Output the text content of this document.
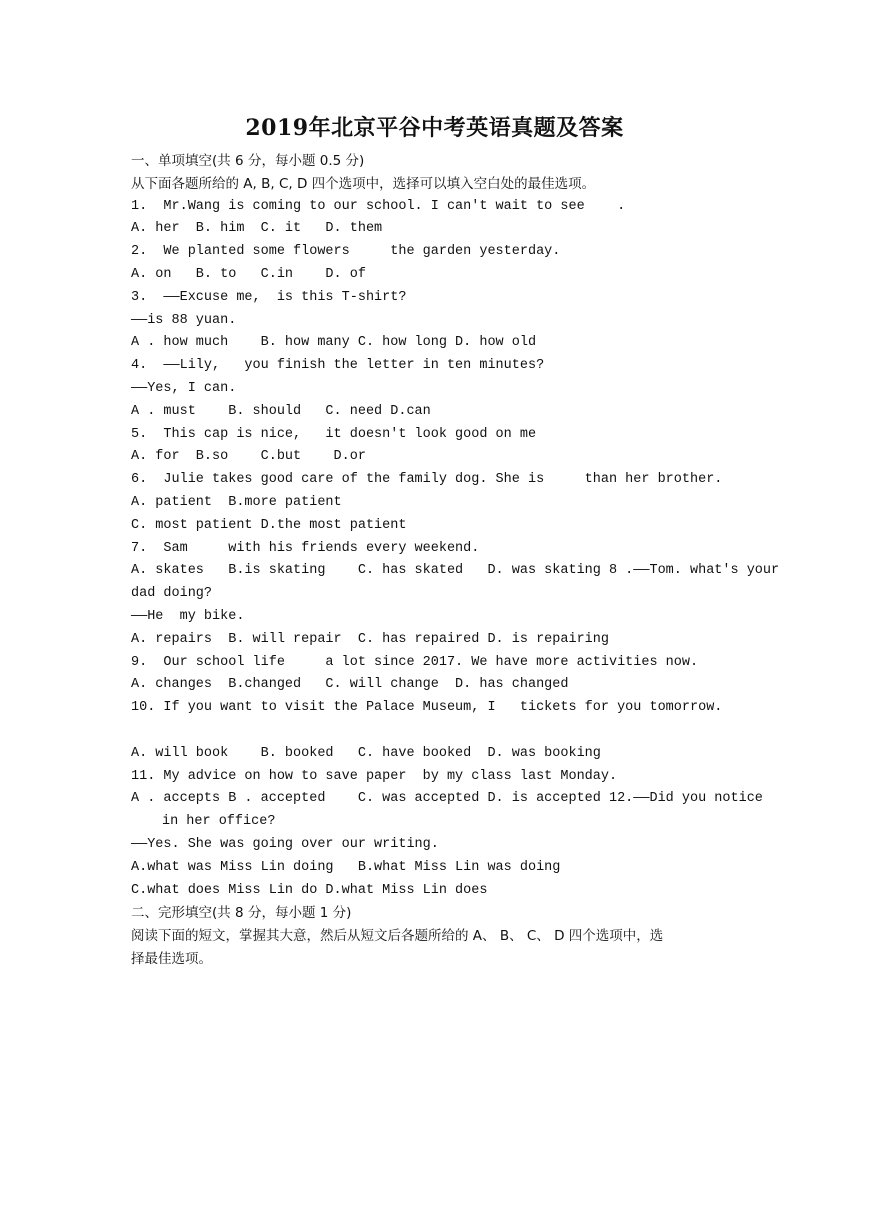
2019年北京平谷中考英语真题及答案
一、单项填空(共 6 分，每小题 0.5 分)
从下面各题所给的 A, B, C, D 四个选项中，选择可以填入空白处的最佳选项。
1.  Mr.Wang is coming to our school. I can't wait to see    .
A. her  B. him  C. it   D. them
2.  We planted some flowers     the garden yesterday.
A. on   B. to   C.in    D. of
3.  ——Excuse me,  is this T-shirt?
——is 88 yuan.
A . how much    B. how many C. how long D. how old
4.  ——Lily,   you finish the letter in ten minutes?
——Yes, I can.
A . must    B. should   C. need D.can
5.  This cap is nice,   it doesn't look good on me
A. for  B.so    C.but    D.or
6.  Julie takes good care of the family dog. She is     than her brother.
A. patient  B.more patient
C. most patient D.the most patient
7.  Sam     with his friends every weekend.
A. skates   B.is skating    C. has skated   D. was skating 8 .——Tom. what's your
dad doing?
——He  my bike.
A. repairs  B. will repair  C. has repaired D. is repairing
9.  Our school life     a lot since 2017. We have more activities now.
A. changes  B.changed   C. will change  D. has changed
10. If you want to visit the Palace Museum, I   tickets for you tomorrow.
A. will book    B. booked   C. have booked  D. was booking
11. My advice on how to save paper  by my class last Monday.
A . accepts B . accepted    C. was accepted D. is accepted 12.——Did you notice
in her office?
——Yes. She was going over our writing.
A.what was Miss Lin doing   B.what Miss Lin was doing
C.what does Miss Lin do D.what Miss Lin does
二、完形填空(共 8 分，每小题 1 分)
阅读下面的短文，掌握其大意，然后从短文后各题所给的 A、 B、 C、 D 四个选项中，选
择最佳选项。
